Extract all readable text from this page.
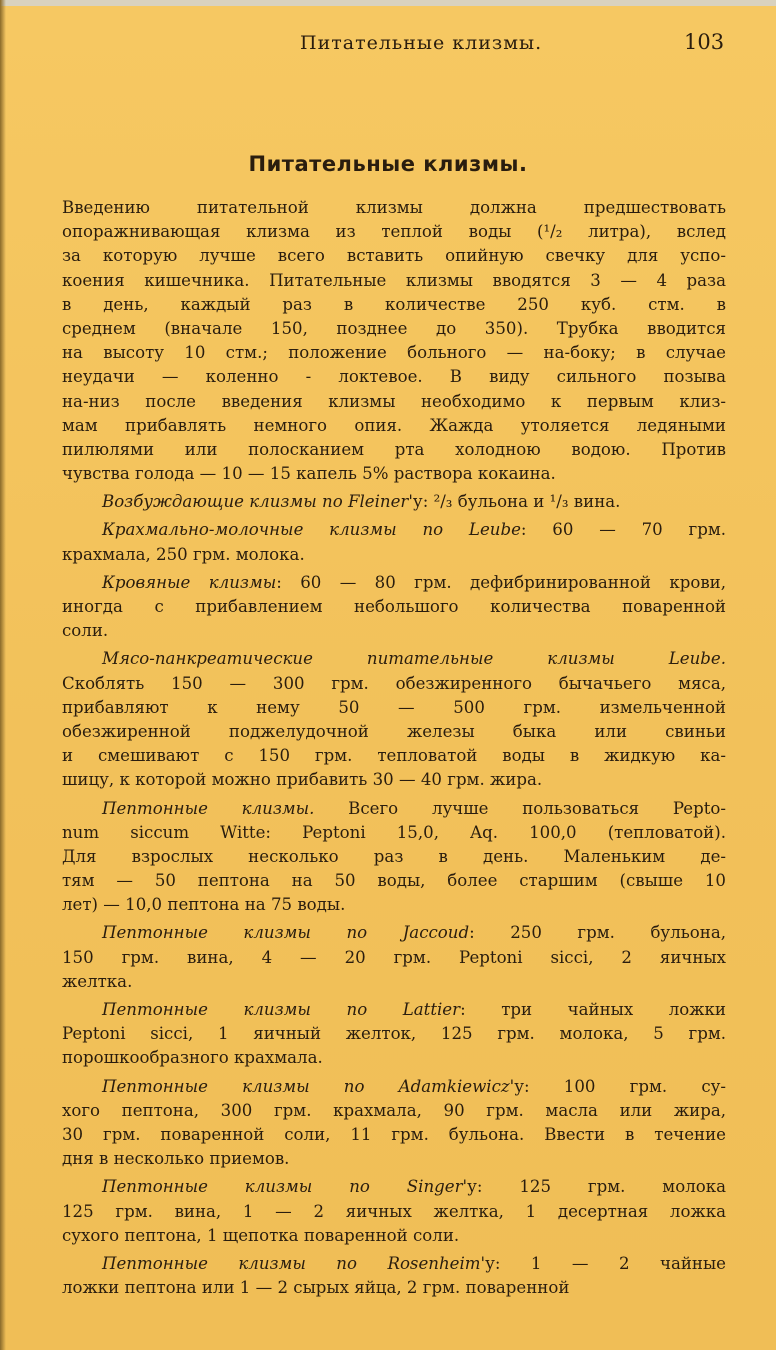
Питательные клизмы.	103
Питательные клизмы.
Введению питательной клизмы должна предшествовать
опоражнивающая клизма из теплой воды (¹/₂ литра), вслед
за которую лучше всего вставить опийную свечку для успо-
коения кишечника. Питательные клизмы вводятся 3 — 4 раза
в день, каждый раз в количестве 250 куб. стм. в
среднем (вначале 150, позднее до 350). Трубка вводится
на высоту 10 стм.; положение больного — на-боку; в случае
неудачи — коленно - локтевое. В виду сильного позыва
на-низ после введения клизмы необходимо к первым клиз-
мам прибавлять немного опия. Жажда утоляется ледяными
пилюлями или полосканием рта холодною водою. Против
чувства голода — 10 — 15 капель 5% раствора кокаина.
Возбуждающие клизмы по Fleiner'у: ²/₃ бульона и ¹/₃ вина.
Крахмально-молочные клизмы по Leube: 60 — 70 грм.
крахмала, 250 грм. молока.
Кровяные клизмы: 60 — 80 грм. дефибринированной крови,
иногда с прибавлением небольшого количества поваренной
соли.
Мясо-панкреатические питательные клизмы Leube.
Скоблять 150 — 300 грм. обезжиренного бычачьего мяса,
прибавляют к нему 50 — 500 грм. измельченной
обезжиренной поджелудочной железы быка или свиньи
и смешивают с 150 грм. тепловатой воды в жидкую ка-
шицу, к которой можно прибавить 30 — 40 грм. жира.
Пептонные клизмы. Всего лучше пользоваться Pepto-
num siccum Witte: Peptoni 15,0, Aq. 100,0 (тепловатой).
Для взрослых несколько раз в день. Маленьким де-
тям — 50 пептона на 50 воды, более старшим (свыше 10
лет) — 10,0 пептона на 75 воды.
Пептонные клизмы по Jaccoud: 250 грм. бульона,
150 грм. вина, 4 — 20 грм. Peptoni sicci, 2 яичных
желтка.
Пептонные клизмы по Lattier: три чайных ложки
Peptoni sicci, 1 яичный желток, 125 грм. молока, 5 грм.
порошкообразного крахмала.
Пептонные клизмы по Adamkiewicz'у: 100 грм. су-
хого пептона, 300 грм. крахмала, 90 грм. масла или жира,
30 грм. поваренной соли, 11 грм. бульона. Ввести в течение
дня в несколько приемов.
Пептонные клизмы по Singer'у: 125 грм. молока
125 грм. вина, 1 — 2 яичных желтка, 1 десертная ложка
сухого пептона, 1 щепотка поваренной соли.
Пептонные клизмы по Rosenheim'у: 1 — 2 чайные
ложки пептона или 1 — 2 сырых яйца, 2 грм. поваренной
